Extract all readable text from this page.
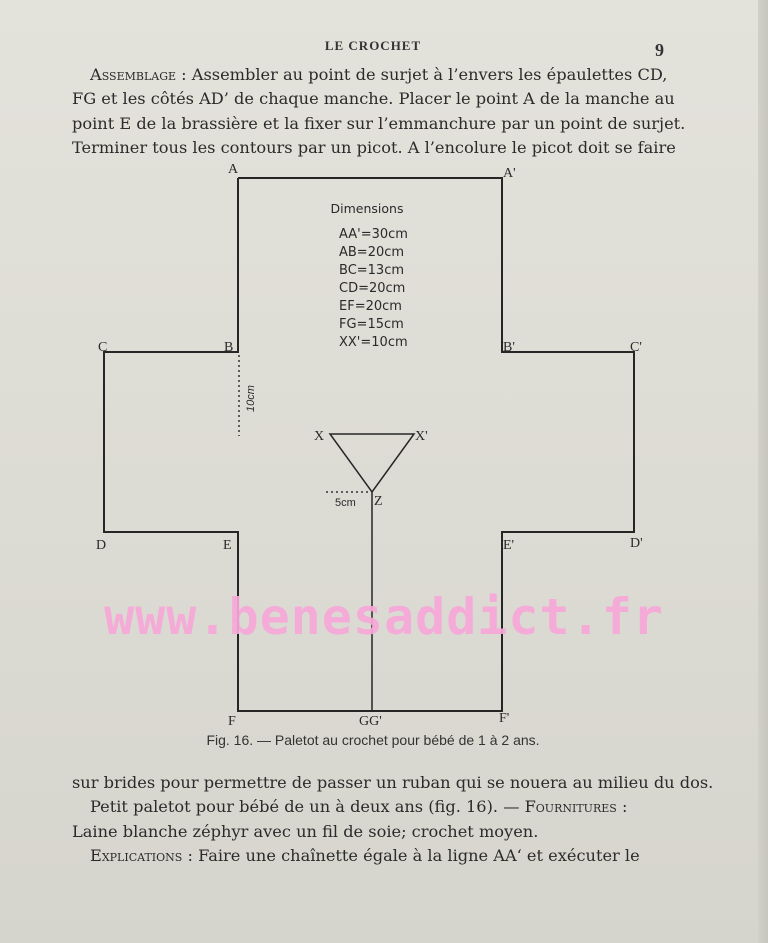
LE CROCHET	9
Assemblage : Assembler au point de surjet à l’envers les épaulettes CD,
FG et les côtés AD’ de chaque manche. Placer le point A de la manche au
point E de la brassière et la fixer sur l’emmanchure par un point de surjet.
Terminer tous les contours par un picot. A l’encolure le picot doit se faire
A	A'
B	B'
C	C'
D	D'
E	E'
F	F'
GG'
X	X'
Z
10cm
5cm
Dimensions
AA'=30cm
AB=20cm
BC=13cm
CD=20cm
EF=20cm
FG=15cm
XX'=10cm
www.benesaddict.fr
Fig. 16. — Paletot au crochet pour bébé de 1 à 2 ans.
sur brides pour permettre de passer un ruban qui se nouera au milieu du dos.
Petit paletot pour bébé de un à deux ans (fig. 16). — Fournitures :
Laine blanche zéphyr avec un fil de soie; crochet moyen.
Explications : Faire une chaînette égale à la ligne AA‘ et exécuter le
